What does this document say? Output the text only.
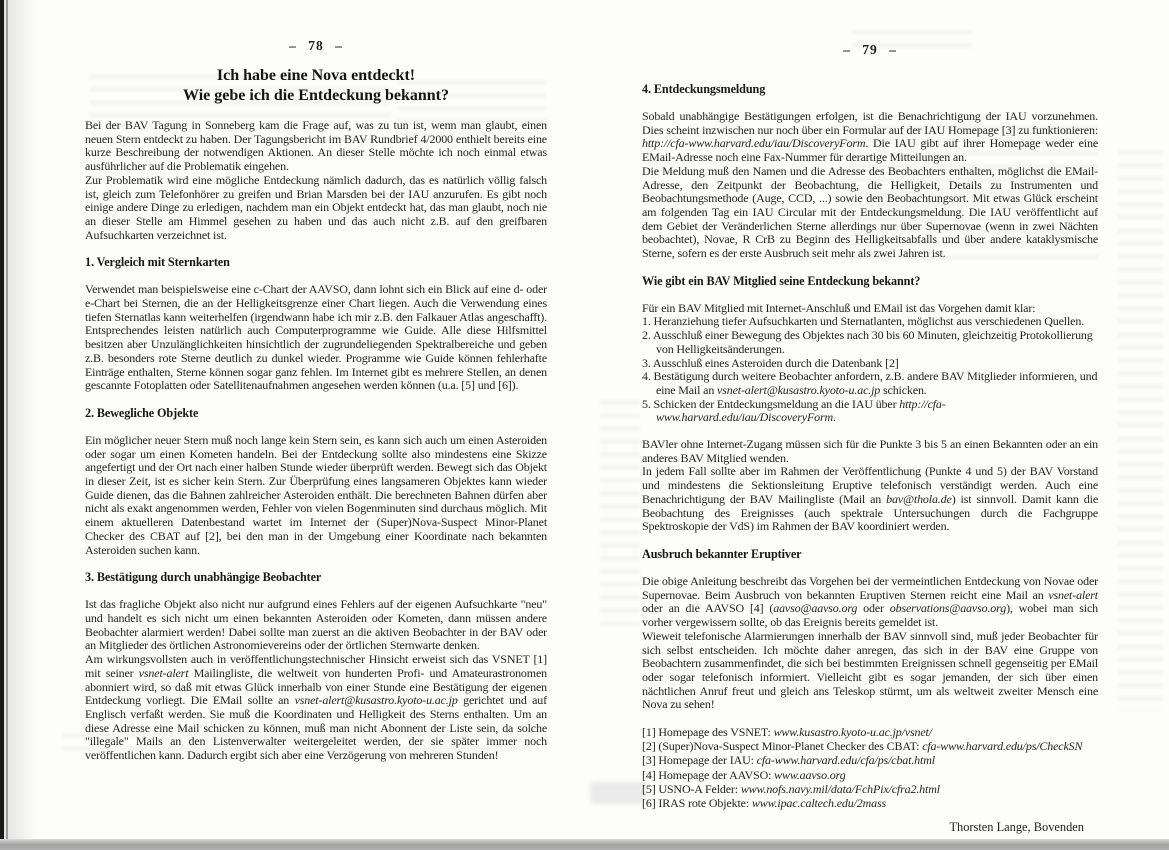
– 78 –
Ich habe eine Nova entdeckt!
Wie gebe ich die Entdeckung bekannt?

Bei der BAV Tagung in Sonneberg kam die Frage auf, was zu tun ist, wenn man glaubt, einen neuen Stern entdeckt zu haben. Der Tagungsbericht im BAV Rundbrief 4/2000 enthielt bereits eine kurze Beschreibung der notwendigen Aktionen. An dieser Stelle möchte ich noch einmal etwas ausführlicher auf die Problematik eingehen.

Zur Problematik wird eine mögliche Entdeckung nämlich dadurch, das es natürlich völlig falsch ist, gleich zum Telefonhörer zu greifen und Brian Marsden bei der IAU anzurufen. Es gibt noch einige andere Dinge zu erledigen, nachdem man ein Objekt entdeckt hat, das man glaubt, noch nie an dieser Stelle am Himmel gesehen zu haben und das auch nicht z.B. auf den greifbaren Aufsuchkarten verzeichnet ist.

1. Vergleich mit Sternkarten

Verwendet man beispielsweise eine c-Chart der AAVSO, dann lohnt sich ein Blick auf eine d- oder e-Chart bei Sternen, die an der Helligkeitsgrenze einer Chart liegen. Auch die Verwendung eines tiefen Sternatlas kann weiterhelfen (irgendwann habe ich mir z.B. den Falkauer Atlas angeschafft). Entsprechendes leisten natürlich auch Computerprogramme wie Guide. Alle diese Hilfsmittel besitzen aber Unzulänglichkeiten hinsichtlich der zugrundeliegenden Spektralbereiche und geben z.B. besonders rote Sterne deutlich zu dunkel wieder. Programme wie Guide können fehlerhafte Einträge enthalten, Sterne können sogar ganz fehlen. Im Internet gibt es mehrere Stellen, an denen gescannte Fotoplatten oder Satellitenaufnahmen angesehen werden können (u.a. [5] und [6]).

2. Bewegliche Objekte

Ein möglicher neuer Stern muß noch lange kein Stern sein, es kann sich auch um einen Asteroiden oder sogar um einen Kometen handeln. Bei der Entdeckung sollte also mindestens eine Skizze angefertigt und der Ort nach einer halben Stunde wieder überprüft werden. Bewegt sich das Objekt in dieser Zeit, ist es sicher kein Stern. Zur Überprüfung eines langsameren Objektes kann wieder Guide dienen, das die Bahnen zahlreicher Asteroiden enthält. Die berechneten Bahnen dürfen aber nicht als exakt angenommen werden, Fehler von vielen Bogenminuten sind durchaus möglich. Mit einem aktuelleren Datenbestand wartet im Internet der (Super)Nova-Suspect Minor-Planet Checker des CBAT auf [2], bei den man in der Umgebung einer Koordinate nach bekannten Asteroiden suchen kann.

3. Bestätigung durch unabhängige Beobachter

Ist das fragliche Objekt also nicht nur aufgrund eines Fehlers auf der eigenen Aufsuchkarte "neu" und handelt es sich nicht um einen bekannten Asteroiden oder Kometen, dann müssen andere Beobachter alarmiert werden! Dabei sollte man zuerst an die aktiven Beobachter in der BAV oder an Mitglieder des örtlichen Astronomievereins oder der örtlichen Sternwarte denken.

Am wirkungsvollsten auch in veröffentlichungstechnischer Hinsicht erweist sich das VSNET [1] mit seiner vsnet-alert Mailingliste, die weltweit von hunderten Profi- und Amateurastronomen abonniert wird, so daß mit etwas Glück innerhalb von einer Stunde eine Bestätigung der eigenen Entdeckung vorliegt. Die EMail sollte an vsnet-alert@kusastro.kyoto-u.ac.jp gerichtet und auf Englisch verfaßt werden. Sie muß die Koordinaten und Helligkeit des Sterns enthalten. Um an diese Adresse eine Mail schicken zu können, muß man nicht Abonnent der Liste sein, da solche "illegale" Mails an den Listenverwalter weitergeleitet werden, der sie später immer noch veröffentlichen kann. Dadurch ergibt sich aber eine Verzögerung von mehreren Stunden!

– 79 –

4. Entdeckungsmeldung

Sobald unabhängige Bestätigungen erfolgen, ist die Benachrichtigung der IAU vorzunehmen. Dies scheint inzwischen nur noch über ein Formular auf der IAU Homepage [3] zu funktionieren: http://cfa-www.harvard.edu/iau/DiscoveryForm. Die IAU gibt auf ihrer Homepage weder eine EMail-Adresse noch eine Fax-Nummer für derartige Mitteilungen an.

Die Meldung muß den Namen und die Adresse des Beobachters enthalten, möglichst die EMail-Adresse, den Zeitpunkt der Beobachtung, die Helligkeit, Details zu Instrumenten und Beobachtungsmethode (Auge, CCD, ...) sowie den Beobachtungsort. Mit etwas Glück erscheint am folgenden Tag ein IAU Circular mit der Entdeckungsmeldung. Die IAU veröffentlicht auf dem Gebiet der Veränderlichen Sterne allerdings nur über Supernovae (wenn in zwei Nächten beobachtet), Novae, R CrB zu Beginn des Helligkeitsabfalls und über andere kataklysmische Sterne, sofern es der erste Ausbruch seit mehr als zwei Jahren ist.

Wie gibt ein BAV Mitglied seine Entdeckung bekannt?

Für ein BAV Mitglied mit Internet-Anschluß und EMail ist das Vorgehen damit klar:

1. Heranziehung tiefer Aufsuchkarten und Sternatlanten, möglichst aus verschiedenen Quellen.

2. Ausschluß einer Bewegung des Objektes nach 30 bis 60 Minuten, gleichzeitig Protokollierung von Helligkeitsänderungen.

3. Ausschluß eines Asteroiden durch die Datenbank [2]

4. Bestätigung durch weitere Beobachter anfordern, z.B. andere BAV Mitglieder informieren, und eine Mail an vsnet-alert@kusastro.kyoto-u.ac.jp schicken.

5. Schicken der Entdeckungsmeldung an die IAU über http://cfa-www.harvard.edu/iau/DiscoveryForm.

BAVler ohne Internet-Zugang müssen sich für die Punkte 3 bis 5 an einen Bekannten oder an ein anderes BAV Mitglied wenden.

In jedem Fall sollte aber im Rahmen der Veröffentlichung (Punkte 4 und 5) der BAV Vorstand und mindestens die Sektionsleitung Eruptive telefonisch verständigt werden. Auch eine Benachrichtigung der BAV Mailingliste (Mail an bav@thola.de) ist sinnvoll. Damit kann die Beobachtung des Ereignisses (auch spektrale Untersuchungen durch die Fachgruppe Spektroskopie der VdS) im Rahmen der BAV koordiniert werden.

Ausbruch bekannter Eruptiver

Die obige Anleitung beschreibt das Vorgehen bei der vermeintlichen Entdeckung von Novae oder Supernovae. Beim Ausbruch von bekannten Eruptiven Sternen reicht eine Mail an vsnet-alert oder an die AAVSO [4] (aavso@aavso.org oder observations@aavso.org), wobei man sich vorher vergewissern sollte, ob das Ereignis bereits gemeldet ist.

Wieweit telefonische Alarmierungen innerhalb der BAV sinnvoll sind, muß jeder Beobachter für sich selbst entscheiden. Ich möchte daher anregen, das sich in der BAV eine Gruppe von Beobachtern zusammenfindet, die sich bei bestimmten Ereignissen schnell gegenseitig per EMail oder sogar telefonisch informiert. Vielleicht gibt es sogar jemanden, der sich über einen nächtlichen Anruf freut und gleich ans Teleskop stürmt, um als weltweit zweiter Mensch eine Nova zu sehen!

[1] Homepage des VSNET: www.kusastro.kyoto-u.ac.jp/vsnet/

[2] (Super)Nova-Suspect Minor-Planet Checker des CBAT: cfa-www.harvard.edu/ps/CheckSN

[3] Homepage der IAU: cfa-www.harvard.edu/cfa/ps/cbat.html

[4] Homepage der AAVSO: www.aavso.org

[5] USNO-A Felder: www.nofs.navy.mil/data/FchPix/cfra2.html

[6] IRAS rote Objekte: www.ipac.caltech.edu/2mass

Thorsten Lange, Bovenden
